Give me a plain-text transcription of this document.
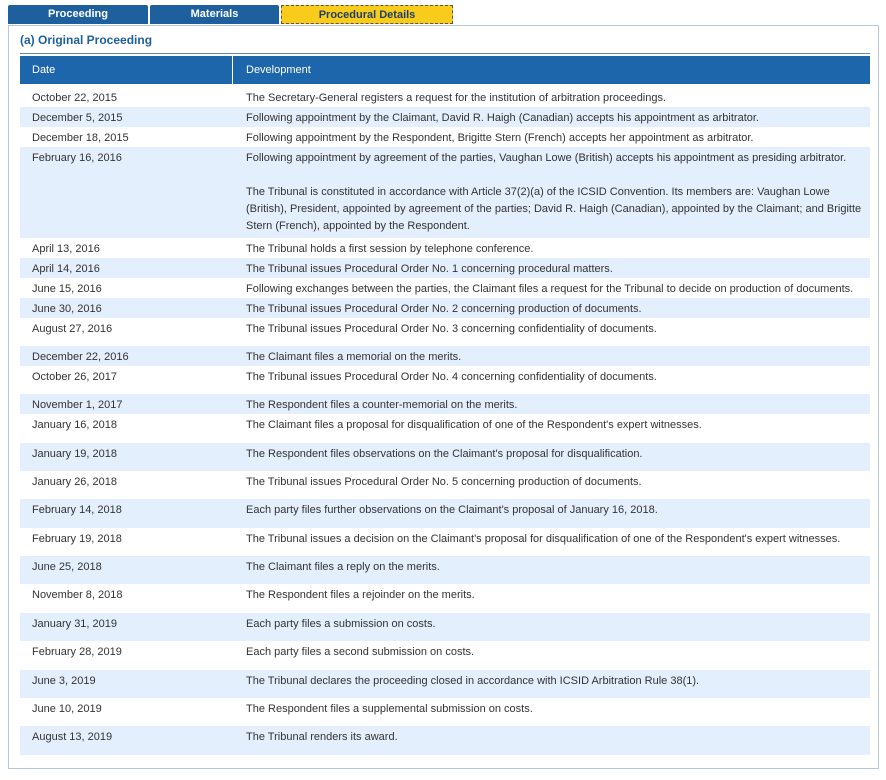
Proceeding	Materials	Procedural Details
(a) Original Proceeding
Date	Development
October 22, 2015	The Secretary-General registers a request for the institution of arbitration proceedings.
December 5, 2015	Following appointment by the Claimant, David R. Haigh (Canadian) accepts his appointment as arbitrator.
December 18, 2015	Following appointment by the Respondent, Brigitte Stern (French) accepts her appointment as arbitrator.
February 16, 2016	Following appointment by agreement of the parties, Vaughan Lowe (British) accepts his appointment as presiding arbitrator.
The Tribunal is constituted in accordance with Article 37(2)(a) of the ICSID Convention. Its members are: Vaughan Lowe (British), President, appointed by agreement of the parties; David R. Haigh (Canadian), appointed by the Claimant; and Brigitte Stern (French), appointed by the Respondent.
April 13, 2016	The Tribunal holds a first session by telephone conference.
April 14, 2016	The Tribunal issues Procedural Order No. 1 concerning procedural matters.
June 15, 2016	Following exchanges between the parties, the Claimant files a request for the Tribunal to decide on production of documents.
June 30, 2016	The Tribunal issues Procedural Order No. 2 concerning production of documents.
August 27, 2016	The Tribunal issues Procedural Order No. 3 concerning confidentiality of documents.
December 22, 2016	The Claimant files a memorial on the merits.
October 26, 2017	The Tribunal issues Procedural Order No. 4 concerning confidentiality of documents.
November 1, 2017	The Respondent files a counter-memorial on the merits.
January 16, 2018	The Claimant files a proposal for disqualification of one of the Respondent's expert witnesses.
January 19, 2018	The Respondent files observations on the Claimant's proposal for disqualification.
January 26, 2018	The Tribunal issues Procedural Order No. 5 concerning production of documents.
February 14, 2018	Each party files further observations on the Claimant's proposal of January 16, 2018.
February 19, 2018	The Tribunal issues a decision on the Claimant's proposal for disqualification of one of the Respondent's expert witnesses.
June 25, 2018	The Claimant files a reply on the merits.
November 8, 2018	The Respondent files a rejoinder on the merits.
January 31, 2019	Each party files a submission on costs.
February 28, 2019	Each party files a second submission on costs.
June 3, 2019	The Tribunal declares the proceeding closed in accordance with ICSID Arbitration Rule 38(1).
June 10, 2019	The Respondent files a supplemental submission on costs.
August 13, 2019	The Tribunal renders its award.
